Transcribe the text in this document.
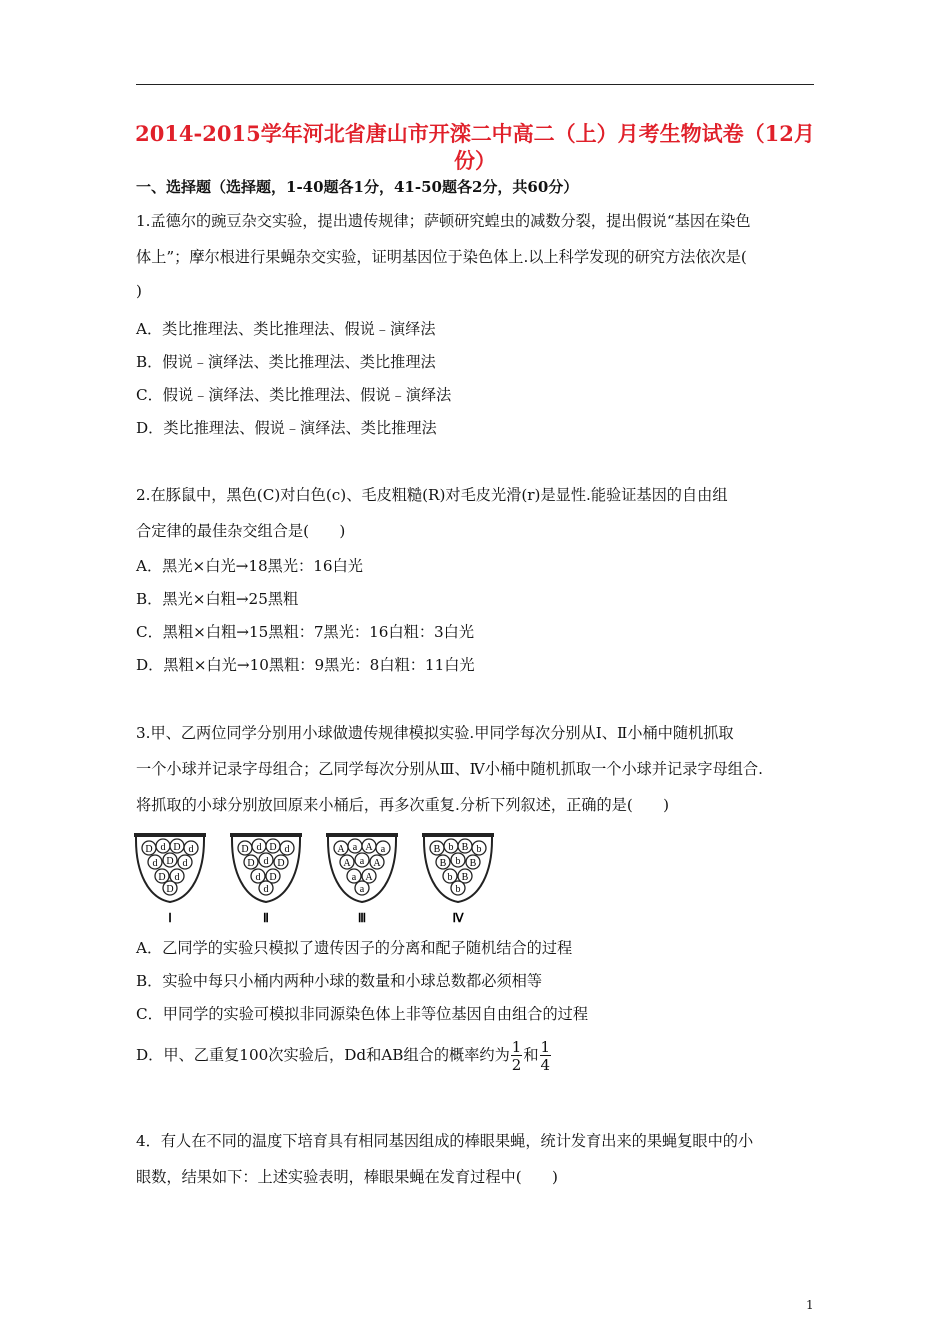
2014-2015学年河北省唐山市开滦二中高二（上）月考生物试卷（12月份）
一、选择题（选择题，1-40题各1分，41-50题各2分，共60分）
1.孟德尔的豌豆杂交实验，提出遗传规律；萨顿研究蝗虫的减数分裂，提出假说“基因在染色
体上”；摩尔根进行果蝇杂交实验，证明基因位于染色体上.以上科学发现的研究方法依次是(
)
A．类比推理法、类比推理法、假说﹣演绎法
B．假说﹣演绎法、类比推理法、类比推理法
C．假说﹣演绎法、类比推理法、假说﹣演绎法
D．类比推理法、假说﹣演绎法、类比推理法
2.在豚鼠中，黑色(C)对白色(c)、毛皮粗糙(R)对毛皮光滑(r)是显性.能验证基因的自由组
合定律的最佳杂交组合是(　　)
A．黑光×白光→18黑光：16白光
B．黑光×白粗→25黑粗
C．黑粗×白粗→15黑粗：7黑光：16白粗：3白光
D．黑粗×白光→10黑粗：9黑光：8白粗：11白光
3.甲、乙两位同学分别用小球做遗传规律模拟实验.甲同学每次分别从Ⅰ、Ⅱ小桶中随机抓取
一个小球并记录字母组合；乙同学每次分别从Ⅲ、Ⅳ小桶中随机抓取一个小球并记录字母组合.
将抓取的小球分别放回原来小桶后，再多次重复.分析下列叙述，正确的是(　　)
D d D d
d D d
D d
D
Ⅰ
D d D d
D d D
d D
d
Ⅱ
A a A a
A a A
a A
a
Ⅲ
B b B b
B b B
b B
b
Ⅳ
A．乙同学的实验只模拟了遗传因子的分离和配子随机结合的过程
B．实验中每只小桶内两种小球的数量和小球总数都必须相等
C．甲同学的实验可模拟非同源染色体上非等位基因自由组合的过程
D．甲、乙重复100次实验后，Dd和AB组合的概率约为 $\frac{1}{2}$ 和 $\frac{1}{4}$
4．有人在不同的温度下培育具有相同基因组成的棒眼果蝇，统计发育出来的果蝇复眼中的小
眼数，结果如下：上述实验表明，棒眼果蝇在发育过程中(　　)
1
